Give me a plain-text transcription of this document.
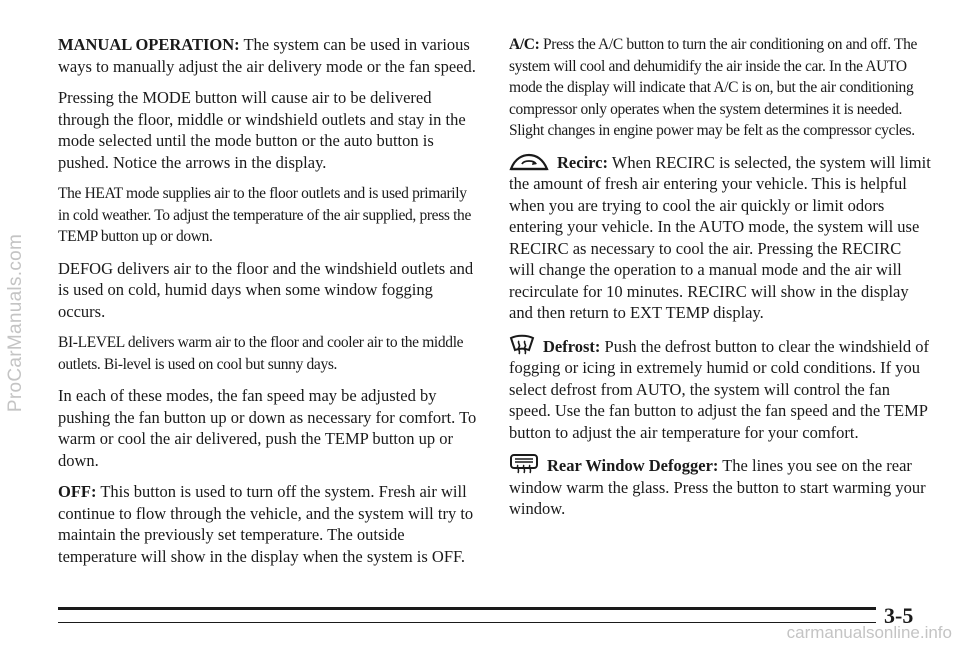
ProCarManuals.com

MANUAL OPERATION: The system can be used in various ways to manually adjust the air delivery mode or the fan speed.

Pressing the MODE button will cause air to be delivered through the floor, middle or windshield outlets and stay in the mode selected until the mode button or the auto button is pushed. Notice the arrows in the display.

The HEAT mode supplies air to the floor outlets and is used primarily in cold weather. To adjust the temperature of the air supplied, press the TEMP button up or down.

DEFOG delivers air to the floor and the windshield outlets and is used on cold, humid days when some window fogging occurs.

BI-LEVEL delivers warm air to the floor and cooler air to the middle outlets. Bi-level is used on cool but sunny days.

In each of these modes, the fan speed may be adjusted by pushing the fan button up or down as necessary for comfort. To warm or cool the air delivered, push the TEMP button up or down.

OFF: This button is used to turn off the system. Fresh air will continue to flow through the vehicle, and the system will try to maintain the previously set temperature. The outside temperature will show in the display when the system is OFF.

A/C: Press the A/C button to turn the air conditioning on and off. The system will cool and dehumidify the air inside the car. In the AUTO mode the display will indicate that A/C is on, but the air conditioning compressor only operates when the system determines it is needed. Slight changes in engine power may be felt as the compressor cycles.

Recirc: When RECIRC is selected, the system will limit the amount of fresh air entering your vehicle. This is helpful when you are trying to cool the air quickly or limit odors entering your vehicle. In the AUTO mode, the system will use RECIRC as necessary to cool the air. Pressing the RECIRC will change the operation to a manual mode and the air will recirculate for 10 minutes. RECIRC will show in the display and then return to EXT TEMP display.

Defrost: Push the defrost button to clear the windshield of fogging or icing in extremely humid or cold conditions. If you select defrost from AUTO, the system will control the fan speed. Use the fan button to adjust the fan speed and the TEMP button to adjust the air temperature for your comfort.

Rear Window Defogger: The lines you see on the rear window warm the glass. Press the button to start warming your window.

3-5
carmanualsonline.info
